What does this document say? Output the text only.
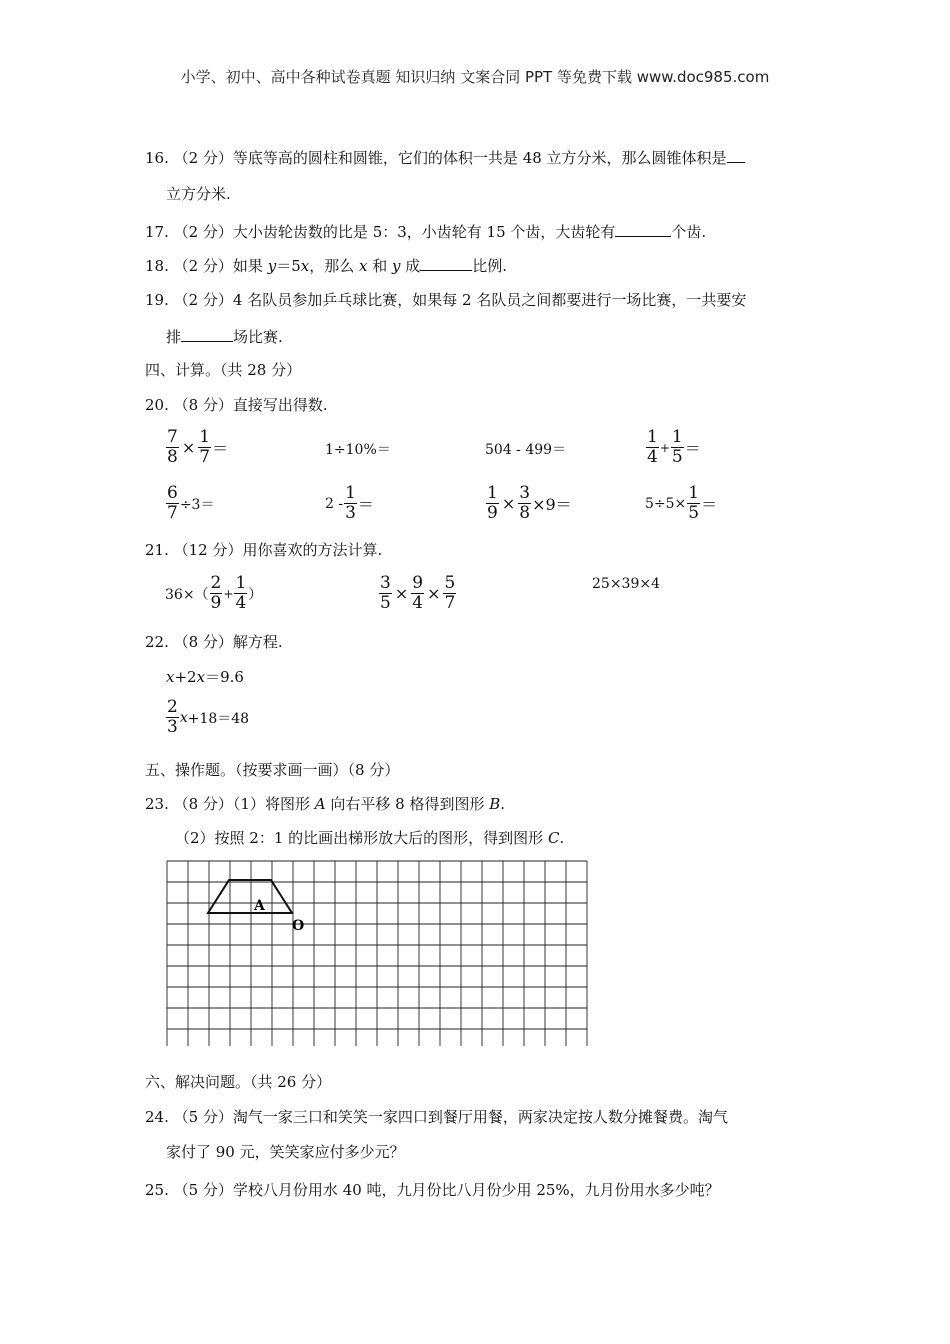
小学、初中、高中各种试卷真题 知识归纳 文案合同 PPT 等免费下载 www.doc985.com
16. （2 分）等底等高的圆柱和圆锥，它们的体积一共是 48 立方分米，那么圆锥体积是
立方分米.
17. （2 分）大小齿轮齿数的比是 5：3，小齿轮有 15 个齿，大齿轮有	个齿.
18. （2 分）如果 y＝5x，那么 x 和 y 成	比例.
19. （2 分）4 名队员参加乒乓球比赛，如果每 2 名队员之间都要进行一场比赛，一共要安
排	场比赛.
四、计算。（共 28 分）
20. （8 分）直接写出得数.
$\frac{7}{8} \times \frac{1}{7}$ ＝	1÷10%＝	504 - 499＝	$\frac{1}{4} + \frac{1}{5}$ ＝
$\frac{6}{7} \div 3=$	$2 - \frac{1}{3}$ ＝	$\frac{1}{9} \times \frac{3}{8} \times 9=$	$5\div 5\times \frac{1}{5}$ ＝
21. （12 分）用你喜欢的方法计算.
$36\times( \frac{2}{9} + \frac{1}{4}$ ）	$\frac{3}{5} \times \frac{9}{4} \times \frac{5}{7}$	25×39×4
22. （8 分）解方程.
x+2x＝9.6
$\frac{2}{3}$ x +18＝48
五、操作题。（按要求画一画）（8 分）
23. （8 分）（1）将图形 A 向右平移 8 格得到图形 B.
（2）按照 2：1 的比画出梯形放大后的图形，得到图形 C.
A
O
六、解决问题。（共 26 分）
24. （5 分）淘气一家三口和笑笑一家四口到餐厅用餐，两家决定按人数分摊餐费。淘气
家付了 90 元，笑笑家应付多少元？
25. （5 分）学校八月份用水 40 吨，九月份比八月份少用 25%，九月份用水多少吨？
